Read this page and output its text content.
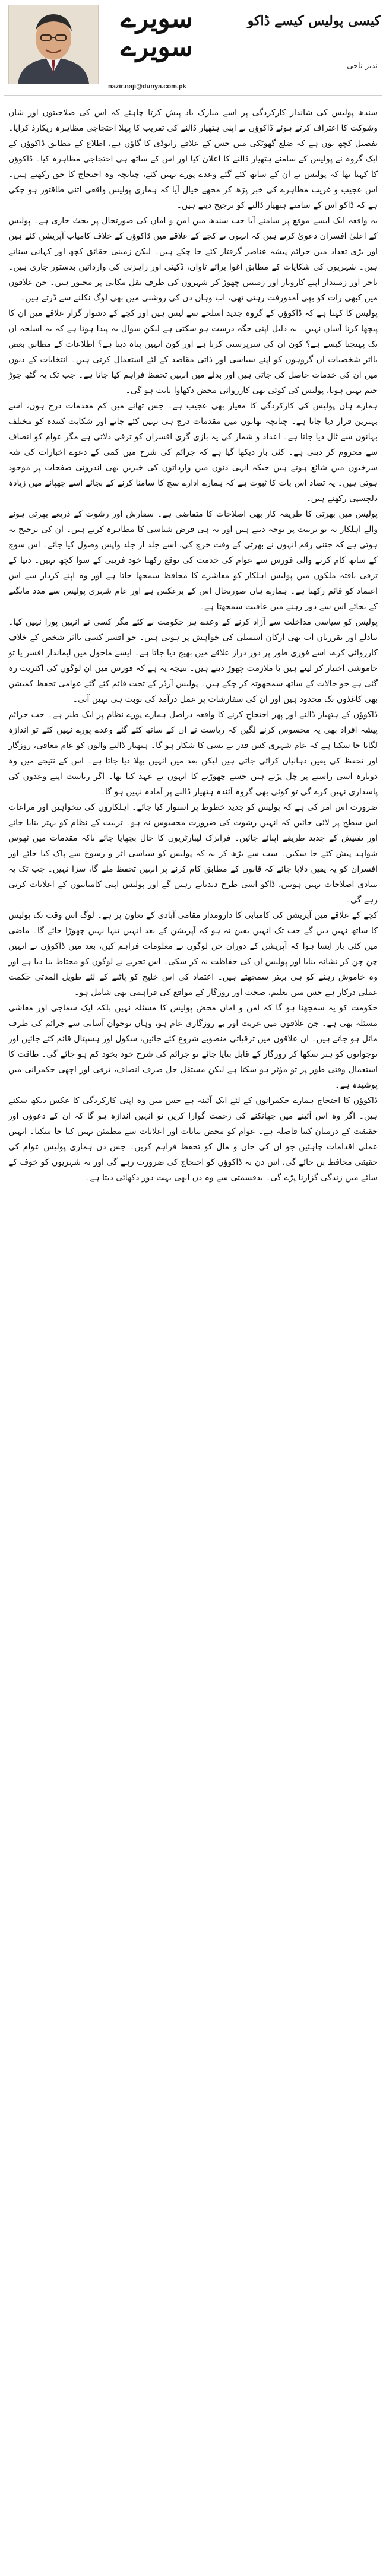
سویرے
سویرے
کیسی پولیس کیسے ڈاکو
نذیر ناجی
nazir.naji@dunya.com.pk

سندھ پولیس کی شاندار کارکردگی پر اسے مبارک باد پیش کرتا چاہئے کہ اس کی صلاحیتوں اور شان وشوکت کا اعتراف کرتے ہوئے ڈاکوؤں نے اپنی ہتھیار ڈالنے کی تقریب کا پہلا احتجاجی مظاہرہ ریکارڈ کرایا۔ تفصیل کچھ یوں ہے کہ ضلع گھوٹکی میں جس کے علاقے راتوڈی کا گاؤں ہے، اطلاع کے مطابق ڈاکوؤں کے ایک گروہ نے پولیس کے سامنے ہتھیار ڈالنے کا اعلان کیا اور اس کے ساتھ ہی احتجاجی مظاہرہ کیا۔ ڈاکوؤں کا کہنا تھا کہ پولیس نے ان کے ساتھ کئے گئے وعدے پورے نہیں کئے، چنانچہ وہ احتجاج کا حق رکھتے ہیں۔ اس عجیب و غریب مظاہرے کی خبر پڑھ کر مجھے خیال آیا کہ ہماری پولیس واقعی اتنی طاقتور ہو چکی ہے کہ ڈاکو اس کے سامنے ہتھیار ڈالنے کو ترجیح دیتے ہیں۔

یہ واقعہ ایک ایسے موقع پر سامنے آیا جب سندھ میں امن و امان کی صورتحال پر بحث جاری ہے۔ پولیس کے اعلیٰ افسران دعویٰ کرتے ہیں کہ انہوں نے کچے کے علاقے میں ڈاکوؤں کے خلاف کامیاب آپریشن کئے ہیں اور بڑی تعداد میں جرائم پیشہ عناصر گرفتار کئے جا چکے ہیں۔ لیکن زمینی حقائق کچھ اور کہانی سناتے ہیں۔ شہریوں کی شکایات کے مطابق اغوا برائے تاوان، ڈکیتی اور راہزنی کی وارداتیں بدستور جاری ہیں۔ تاجر اور زمیندار اپنے کاروبار اور زمینیں چھوڑ کر شہروں کی طرف نقل مکانی پر مجبور ہیں۔ جن علاقوں میں کبھی رات کو بھی آمدورفت رہتی تھی، اب وہاں دن کی روشنی میں بھی لوگ نکلنے سے ڈرتے ہیں۔

پولیس کا کہنا ہے کہ ڈاکوؤں کے گروہ جدید اسلحے سے لیس ہیں اور کچے کے دشوار گزار علاقے میں ان کا پیچھا کرنا آسان نہیں۔ یہ دلیل اپنی جگہ درست ہو سکتی ہے لیکن سوال یہ پیدا ہوتا ہے کہ یہ اسلحہ ان تک پہنچتا کیسے ہے؟ کون ان کی سرپرستی کرتا ہے اور کون انہیں پناہ دیتا ہے؟ اطلاعات کے مطابق بعض بااثر شخصیات ان گروہوں کو اپنے سیاسی اور ذاتی مقاصد کے لئے استعمال کرتی ہیں۔ انتخابات کے دنوں میں ان کی خدمات حاصل کی جاتی ہیں اور بدلے میں انہیں تحفظ فراہم کیا جاتا ہے۔ جب تک یہ گٹھ جوڑ ختم نہیں ہوتا، پولیس کی کوئی بھی کارروائی محض دکھاوا ثابت ہو گی۔

ہمارے ہاں پولیس کی کارکردگی کا معیار بھی عجیب ہے۔ جس تھانے میں کم مقدمات درج ہوں، اسے بہترین قرار دیا جاتا ہے۔ چنانچہ تھانوں میں مقدمات درج ہی نہیں کئے جاتے اور شکایت کنندہ کو مختلف بہانوں سے ٹال دیا جاتا ہے۔ اعداد و شمار کی یہ بازی گری افسران کو ترقی دلاتی ہے مگر عوام کو انصاف سے محروم کر دیتی ہے۔ کئی بار دیکھا گیا ہے کہ جرائم کی شرح میں کمی کے دعوے اخبارات کی شہ سرخیوں میں شائع ہوتے ہیں جبکہ انہی دنوں میں وارداتوں کی خبریں بھی اندرونی صفحات پر موجود ہوتی ہیں۔ یہ تضاد اس بات کا ثبوت ہے کہ ہمارے ادارے سچ کا سامنا کرنے کے بجائے اسے چھپانے میں زیادہ دلچسپی رکھتے ہیں۔

پولیس میں بھرتی کا طریقہ کار بھی اصلاحات کا متقاضی ہے۔ سفارش اور رشوت کے ذریعے بھرتی ہونے والے اہلکار نہ تو تربیت پر توجہ دیتے ہیں اور نہ ہی فرض شناسی کا مظاہرہ کرتے ہیں۔ ان کی ترجیح یہ ہوتی ہے کہ جتنی رقم انہوں نے بھرتی کے وقت خرچ کی، اسے جلد از جلد واپس وصول کیا جائے۔ اس سوچ کے ساتھ کام کرنے والی فورس سے عوام کی خدمت کی توقع رکھنا خود فریبی کے سوا کچھ نہیں۔ دنیا کے ترقی یافتہ ملکوں میں پولیس اہلکار کو معاشرے کا محافظ سمجھا جاتا ہے اور وہ اپنے کردار سے اس اعتماد کو قائم رکھتا ہے۔ ہمارے ہاں صورتحال اس کے برعکس ہے اور عام شہری پولیس سے مدد مانگنے کے بجائے اس سے دور رہنے میں عافیت سمجھتا ہے۔

پولیس کو سیاسی مداخلت سے آزاد کرنے کے وعدے ہر حکومت نے کئے مگر کسی نے انہیں پورا نہیں کیا۔ تبادلے اور تقرریاں اب بھی ارکان اسمبلی کی خواہش پر ہوتی ہیں۔ جو افسر کسی بااثر شخص کے خلاف کارروائی کرے، اسے فوری طور پر دور دراز علاقے میں بھیج دیا جاتا ہے۔ ایسے ماحول میں ایماندار افسر یا تو خاموشی اختیار کر لیتے ہیں یا ملازمت چھوڑ دیتے ہیں۔ نتیجہ یہ ہے کہ فورس میں ان لوگوں کی اکثریت رہ گئی ہے جو حالات کے ساتھ سمجھوتہ کر چکے ہیں۔ پولیس آرڈر کے تحت قائم کئے گئے عوامی تحفظ کمیشن بھی کاغذوں تک محدود ہیں اور ان کی سفارشات پر عمل درآمد کی نوبت ہی نہیں آتی۔

ڈاکوؤں کے ہتھیار ڈالنے اور پھر احتجاج کرنے کا واقعہ دراصل ہمارے پورے نظام پر ایک طنز ہے۔ جب جرائم پیشہ افراد بھی یہ محسوس کرنے لگیں کہ ریاست نے ان کے ساتھ کئے گئے وعدے پورے نہیں کئے تو اندازہ لگایا جا سکتا ہے کہ عام شہری کس قدر بے بسی کا شکار ہو گا۔ ہتھیار ڈالنے والوں کو عام معافی، روزگار اور تحفظ کی یقین دہانیاں کرائی جاتی ہیں لیکن بعد میں انہیں بھلا دیا جاتا ہے۔ اس کے نتیجے میں وہ دوبارہ اسی راستے پر چل پڑتے ہیں جسے چھوڑنے کا انہوں نے عہد کیا تھا۔ اگر ریاست اپنے وعدوں کی پاسداری نہیں کرے گی تو کوئی بھی گروہ آئندہ ہتھیار ڈالنے پر آمادہ نہیں ہو گا۔

ضرورت اس امر کی ہے کہ پولیس کو جدید خطوط پر استوار کیا جائے۔ اہلکاروں کی تنخواہیں اور مراعات اس سطح پر لائی جائیں کہ انہیں رشوت کی ضرورت محسوس نہ ہو۔ تربیت کے نظام کو بہتر بنایا جائے اور تفتیش کے جدید طریقے اپنائے جائیں۔ فرانزک لیبارٹریوں کا جال بچھایا جائے تاکہ مقدمات میں ٹھوس شواہد پیش کئے جا سکیں۔ سب سے بڑھ کر یہ کہ پولیس کو سیاسی اثر و رسوخ سے پاک کیا جائے اور افسران کو یہ یقین دلایا جائے کہ قانون کے مطابق کام کرنے پر انہیں تحفظ ملے گا، سزا نہیں۔ جب تک یہ بنیادی اصلاحات نہیں ہوتیں، ڈاکو اسی طرح دندناتے رہیں گے اور پولیس اپنی کامیابیوں کے اعلانات کرتی رہے گی۔

کچے کے علاقے میں آپریشن کی کامیابی کا دارومدار مقامی آبادی کے تعاون پر ہے۔ لوگ اس وقت تک پولیس کا ساتھ نہیں دیں گے جب تک انہیں یقین نہ ہو کہ آپریشن کے بعد انہیں تنہا نہیں چھوڑا جائے گا۔ ماضی میں کئی بار ایسا ہوا کہ آپریشن کے دوران جن لوگوں نے معلومات فراہم کیں، بعد میں ڈاکوؤں نے انہیں چن چن کر نشانہ بنایا اور پولیس ان کی حفاظت نہ کر سکی۔ اس تجربے نے لوگوں کو محتاط بنا دیا ہے اور وہ خاموش رہنے کو ہی بہتر سمجھتے ہیں۔ اعتماد کی اس خلیج کو پاٹنے کے لئے طویل المدتی حکمت عملی درکار ہے جس میں تعلیم، صحت اور روزگار کے مواقع کی فراہمی بھی شامل ہو۔

حکومت کو یہ سمجھنا ہو گا کہ امن و امان محض پولیس کا مسئلہ نہیں بلکہ ایک سماجی اور معاشی مسئلہ بھی ہے۔ جن علاقوں میں غربت اور بے روزگاری عام ہو، وہاں نوجوان آسانی سے جرائم کی طرف مائل ہو جاتے ہیں۔ ان علاقوں میں ترقیاتی منصوبے شروع کئے جائیں، سکول اور ہسپتال قائم کئے جائیں اور نوجوانوں کو ہنر سکھا کر روزگار کے قابل بنایا جائے تو جرائم کی شرح خود بخود کم ہو جائے گی۔ طاقت کا استعمال وقتی طور پر تو مؤثر ہو سکتا ہے لیکن مستقل حل صرف انصاف، ترقی اور اچھی حکمرانی میں پوشیدہ ہے۔

ڈاکوؤں کا احتجاج ہمارے حکمرانوں کے لئے ایک آئینہ ہے جس میں وہ اپنی کارکردگی کا عکس دیکھ سکتے ہیں۔ اگر وہ اس آئینے میں جھانکنے کی زحمت گوارا کریں تو انہیں اندازہ ہو گا کہ ان کے دعوؤں اور حقیقت کے درمیان کتنا فاصلہ ہے۔ عوام کو محض بیانات اور اعلانات سے مطمئن نہیں کیا جا سکتا۔ انہیں عملی اقدامات چاہئیں جو ان کی جان و مال کو تحفظ فراہم کریں۔ جس دن ہماری پولیس عوام کی حقیقی محافظ بن جائے گی، اس دن نہ ڈاکوؤں کو احتجاج کی ضرورت رہے گی اور نہ شہریوں کو خوف کے سائے میں زندگی گزارنا پڑے گی۔ بدقسمتی سے وہ دن ابھی بہت دور دکھائی دیتا ہے۔
